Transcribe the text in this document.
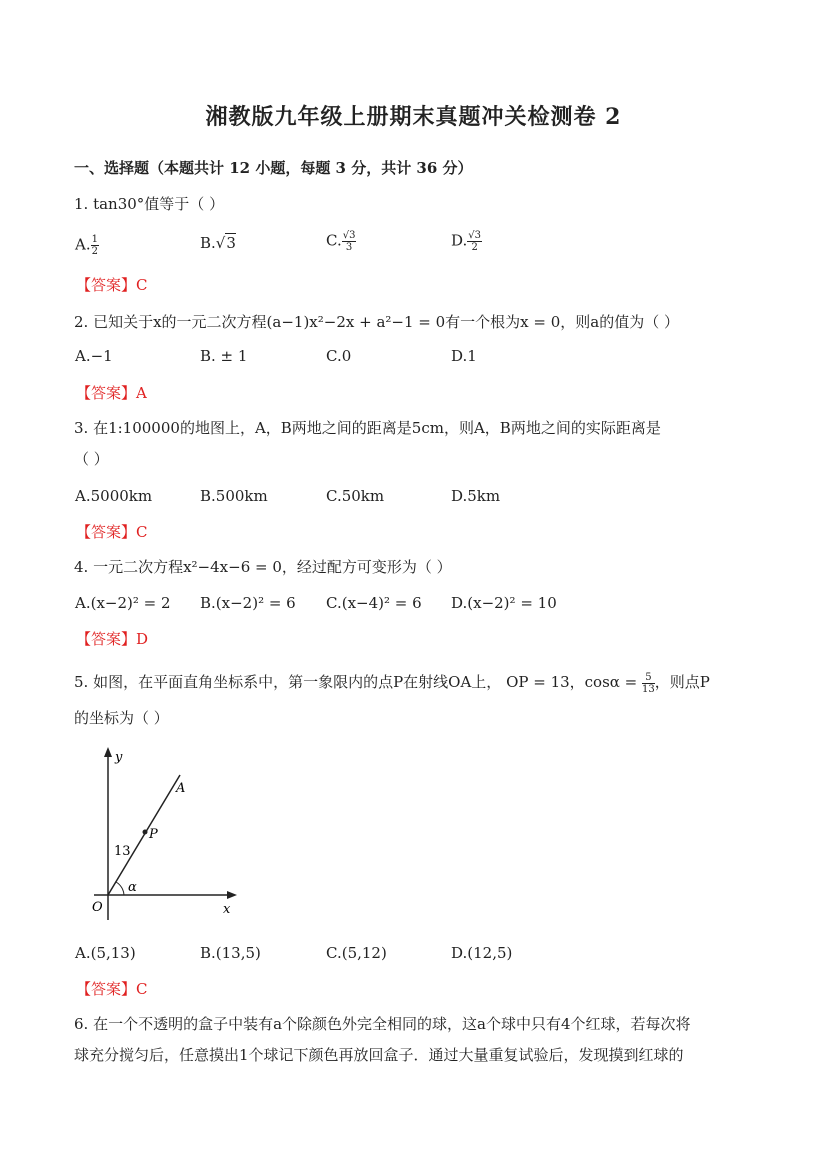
湘教版九年级上册期末真题冲关检测卷 2
一、选择题（本题共计 12 小题，每题 3 分，共计 36 分）
1. tan30°值等于（ ）
A. $\frac{1}{2}$	B.√3	C. $\frac{√3}{3}$	D. $\frac{√3}{2}$
【答案】C
2. 已知关于x的一元二次方程(a−1)x²−2x + a²−1 = 0有一个根为x = 0，则a的值为（ ）
A.−1	B. ± 1	C.0	D.1
【答案】A
3. 在1:100000的地图上，A，B两地之间的距离是5cm，则A，B两地之间的实际距离是
（ ）
A.5000km	B.500km	C.50km	D.5km
【答案】C
4. 一元二次方程x²−4x−6 = 0，经过配方可变形为（ ）
A.(x−2)² = 2 B.(x−2)² = 6 C.(x−4)² = 6 D.(x−2)² = 10
【答案】D
5. 如图，在平面直角坐标系中，第一象限内的点P在射线OA上， OP = 13，$\cos\alpha = \frac{5}{13}$ ，则点P
的坐标为（ ）
y
x
O
A
P
13
α
A.(5,13)	B.(13,5)	C.(5,12)	D.(12,5)
【答案】C
6. 在一个不透明的盒子中装有a个除颜色外完全相同的球，这a个球中只有4个红球，若每次将
球充分搅匀后，任意摸出1个球记下颜色再放回盒子．通过大量重复试验后，发现摸到红球的
